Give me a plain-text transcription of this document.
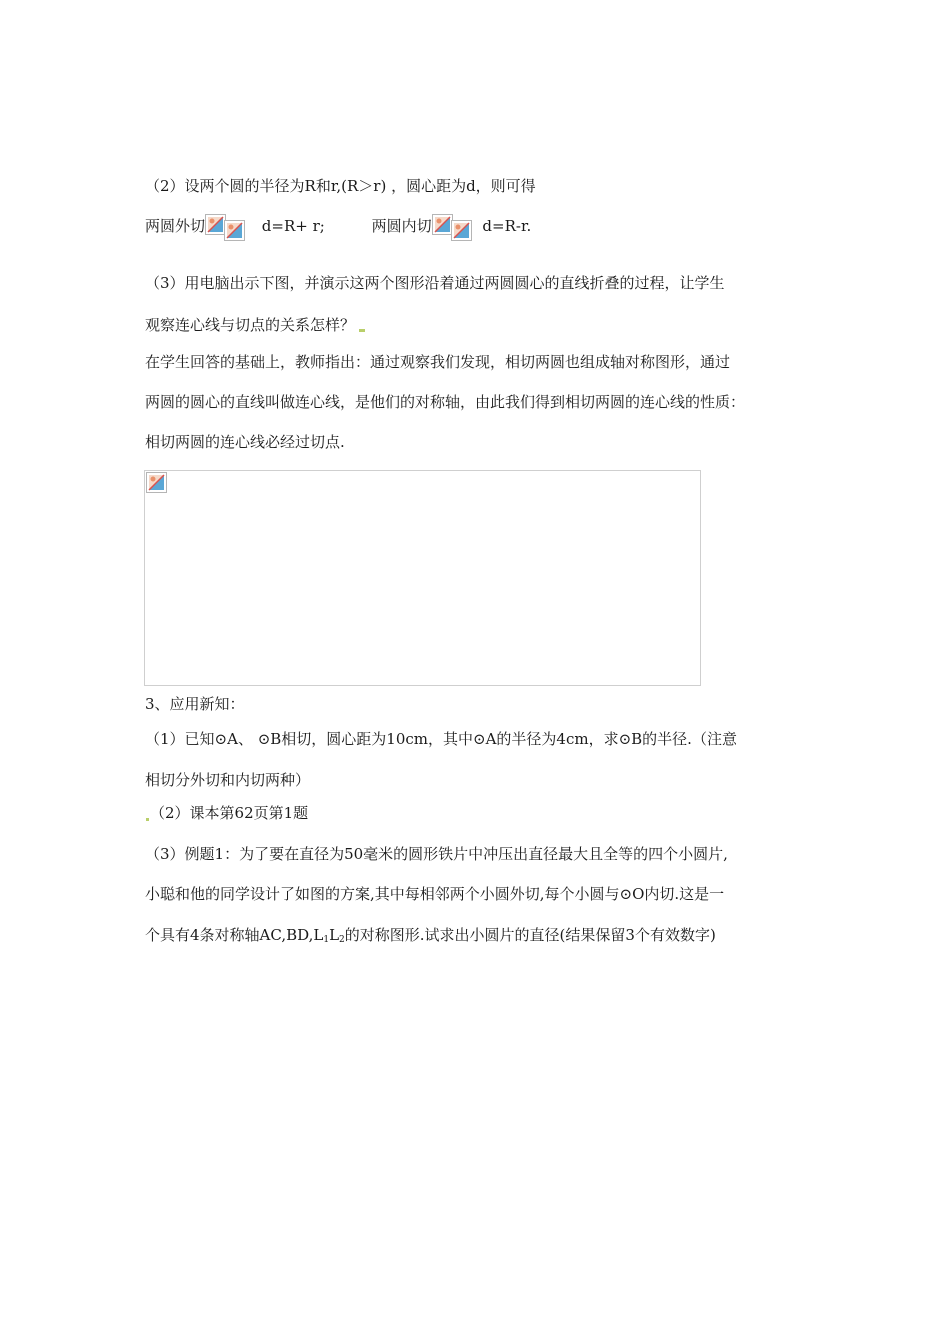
（2）设两个圆的半径为R和r,(R＞r) ，圆心距为d，则可得
两圆外切	d=R+ r;	两圆内切	d=R-r.
（3）用电脑出示下图，并演示这两个图形沿着通过两圆圆心的直线折叠的过程，让学生
观察连心线与切点的关系怎样？
在学生回答的基础上，教师指出：通过观察我们发现，相切两圆也组成轴对称图形，通过
两圆的圆心的直线叫做连心线，是他们的对称轴，由此我们得到相切两圆的连心线的性质：
相切两圆的连心线必经过切点.
3、应用新知：
（1）已知⊙A、 ⊙B相切，圆心距为10cm，其中⊙A的半径为4cm，求⊙B的半径.（注意
相切分外切和内切两种）
（2）课本第62页第1题
（3）例题1：为了要在直径为50毫米的圆形铁片中冲压出直径最大且全等的四个小圆片,
小聪和他的同学设计了如图的方案,其中每相邻两个小圆外切,每个小圆与⊙O内切.这是一
个具有4条对称轴$AC,BD,L_1L_2$的对称图形.试求出小圆片的直径(结果保留3个有效数字)
